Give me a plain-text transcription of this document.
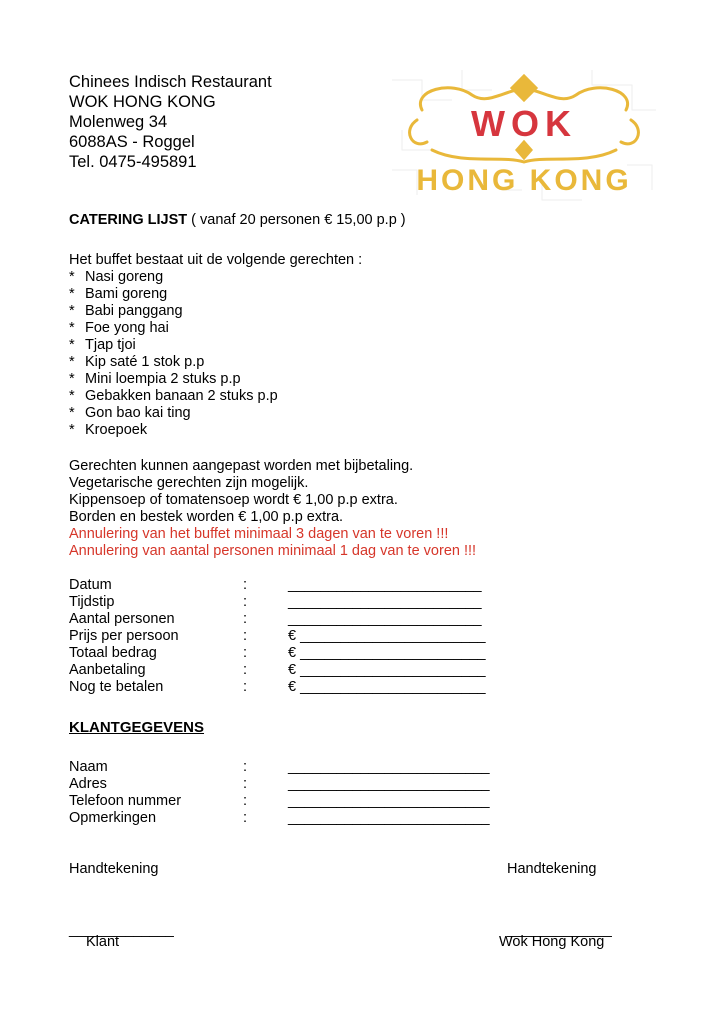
Chinees Indisch Restaurant
WOK HONG KONG
Molenweg 34
6088AS - Roggel
Tel. 0475-495891
WOK
HONG KONG
CATERING LIJST ( vanaf 20 personen € 15,00 p.p )
Het buffet bestaat uit de volgende gerechten :
* Nasi goreng
* Bami goreng
* Babi panggang
* Foe yong hai
* Tjap tjoi
* Kip saté 1 stok p.p
* Mini loempia 2 stuks p.p
* Gebakken banaan 2 stuks p.p
* Gon bao kai ting
* Kroepoek
Gerechten kunnen aangepast worden met bijbetaling.
Vegetarische gerechten zijn mogelijk.
Kippensoep of tomatensoep wordt € 1,00 p.p extra.
Borden en bestek worden € 1,00 p.p extra.
Annulering van het buffet minimaal 3 dagen van te voren !!!
Annulering van aantal personen minimaal 1 dag van te voren !!!
Datum	:	________________________
Tijdstip	:	________________________
Aantal personen	:	________________________
Prijs per persoon	:	€ _______________________
Totaal bedrag	:	€ _______________________
Aanbetaling	:	€ _______________________
Nog te betalen	:	€ _______________________
KLANTGEGEVENS
Naam	:	_________________________
Adres	:	_________________________
Telefoon nummer	:	_________________________
Opmerkingen	:	_________________________
Handtekening	Handtekening
_____________	_____________
Klant	Wok Hong Kong
